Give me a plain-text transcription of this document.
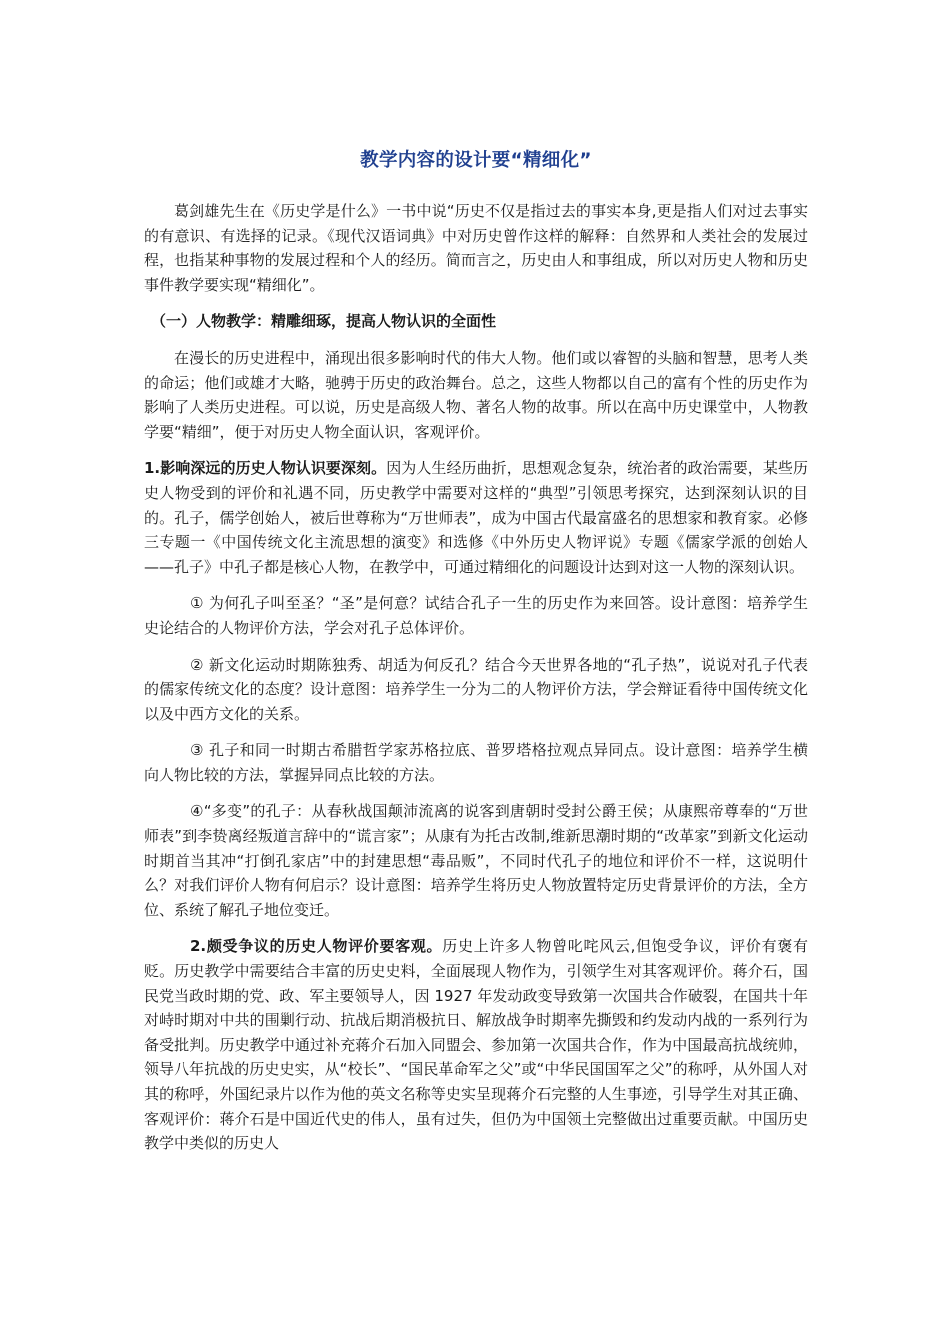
教学内容的设计要“精细化”

葛剑雄先生在《历史学是什么》一书中说“历史不仅是指过去的事实本身,更是指人们对过去事实的有意识、有选择的记录。《现代汉语词典》中对历史曾作这样的解释：自然界和人类社会的发展过程，也指某种事物的发展过程和个人的经历。简而言之，历史由人和事组成，所以对历史人物和历史事件教学要实现“精细化”。

（一）人物教学：精雕细琢，提高人物认识的全面性

在漫长的历史进程中，涌现出很多影响时代的伟大人物。他们或以睿智的头脑和智慧，思考人类的命运；他们或雄才大略，驰骋于历史的政治舞台。总之，这些人物都以自己的富有个性的历史作为影响了人类历史进程。可以说，历史是高级人物、著名人物的故事。所以在高中历史课堂中，人物教学要“精细”，便于对历史人物全面认识，客观评价。

1.影响深远的历史人物认识要深刻。因为人生经历曲折，思想观念复杂，统治者的政治需要，某些历史人物受到的评价和礼遇不同，历史教学中需要对这样的“典型”引领思考探究，达到深刻认识的目的。孔子，儒学创始人，被后世尊称为“万世师表”，成为中国古代最富盛名的思想家和教育家。必修三专题一《中国传统文化主流思想的演变》和选修《中外历史人物评说》专题《儒家学派的创始人——孔子》中孔子都是核心人物，在教学中，可通过精细化的问题设计达到对这一人物的深刻认识。

① 为何孔子叫至圣？“圣”是何意？试结合孔子一生的历史作为来回答。设计意图：培养学生史论结合的人物评价方法，学会对孔子总体评价。

② 新文化运动时期陈独秀、胡适为何反孔？结合今天世界各地的“孔子热”，说说对孔子代表的儒家传统文化的态度？设计意图：培养学生一分为二的人物评价方法，学会辩证看待中国传统文化以及中西方文化的关系。

③ 孔子和同一时期古希腊哲学家苏格拉底、普罗塔格拉观点异同点。设计意图：培养学生横向人物比较的方法，掌握异同点比较的方法。

④“多变”的孔子：从春秋战国颠沛流离的说客到唐朝时受封公爵王侯；从康熙帝尊奉的“万世师表”到李贽离经叛道言辞中的“谎言家”；从康有为托古改制,维新思潮时期的“改革家”到新文化运动时期首当其冲“打倒孔家店”中的封建思想“毒品贩”，不同时代孔子的地位和评价不一样，这说明什么？对我们评价人物有何启示？设计意图：培养学生将历史人物放置特定历史背景评价的方法，全方位、系统了解孔子地位变迁。

2.颇受争议的历史人物评价要客观。历史上许多人物曾叱咤风云,但饱受争议，评价有褒有贬。历史教学中需要结合丰富的历史史料，全面展现人物作为，引领学生对其客观评价。蒋介石，国民党当政时期的党、政、军主要领导人，因 1927 年发动政变导致第一次国共合作破裂，在国共十年对峙时期对中共的围剿行动、抗战后期消极抗日、解放战争时期率先撕毁和约发动内战的一系列行为备受批判。历史教学中通过补充蒋介石加入同盟会、参加第一次国共合作，作为中国最高抗战统帅，领导八年抗战的历史史实，从“校长”、“国民革命军之父”或“中华民国国军之父”的称呼，从外国人对其的称呼，外国纪录片以作为他的英文名称等史实呈现蒋介石完整的人生事迹，引导学生对其正确、客观评价：蒋介石是中国近代史的伟人，虽有过失，但仍为中国领土完整做出过重要贡献。中国历史教学中类似的历史人
